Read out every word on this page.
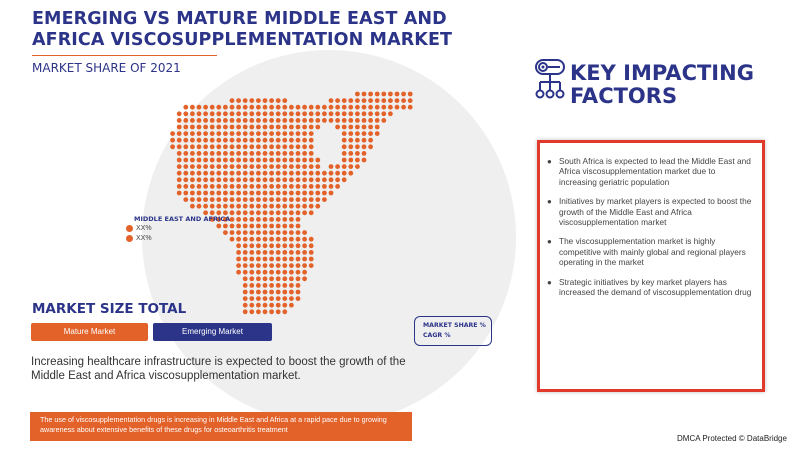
EMERGING VS MATURE MIDDLE EAST AND AFRICA VISCOSUPPLEMENTATION MARKET
MARKET SHARE OF 2021
MIDDLE EAST AND AFRICA
XX%
XX%
MARKET SIZE TOTAL
Mature Market	Emerging Market
MARKET SHARE %
CAGR %
Increasing healthcare infrastructure is expected to boost the growth of the Middle East and Africa viscosupplementation market.
The use of viscosupplementation drugs is increasing in Middle East and Africa at a rapid pace due to growing awareness about extensive benefits of these drugs for osteoarthritis treatment
KEY IMPACTING FACTORS
● South Africa is expected to lead the Middle East and Africa viscosupplementation market due to increasing geriatric population
● Initiatives by market players is expected to boost the growth of the Middle East and Africa viscosupplementation market
● The viscosupplementation market is highly competitive with mainly global and regional players operating in the market
● Strategic initiatives by key market players has increased the demand of viscosupplementation drug
DMCA Protected © DataBridge
